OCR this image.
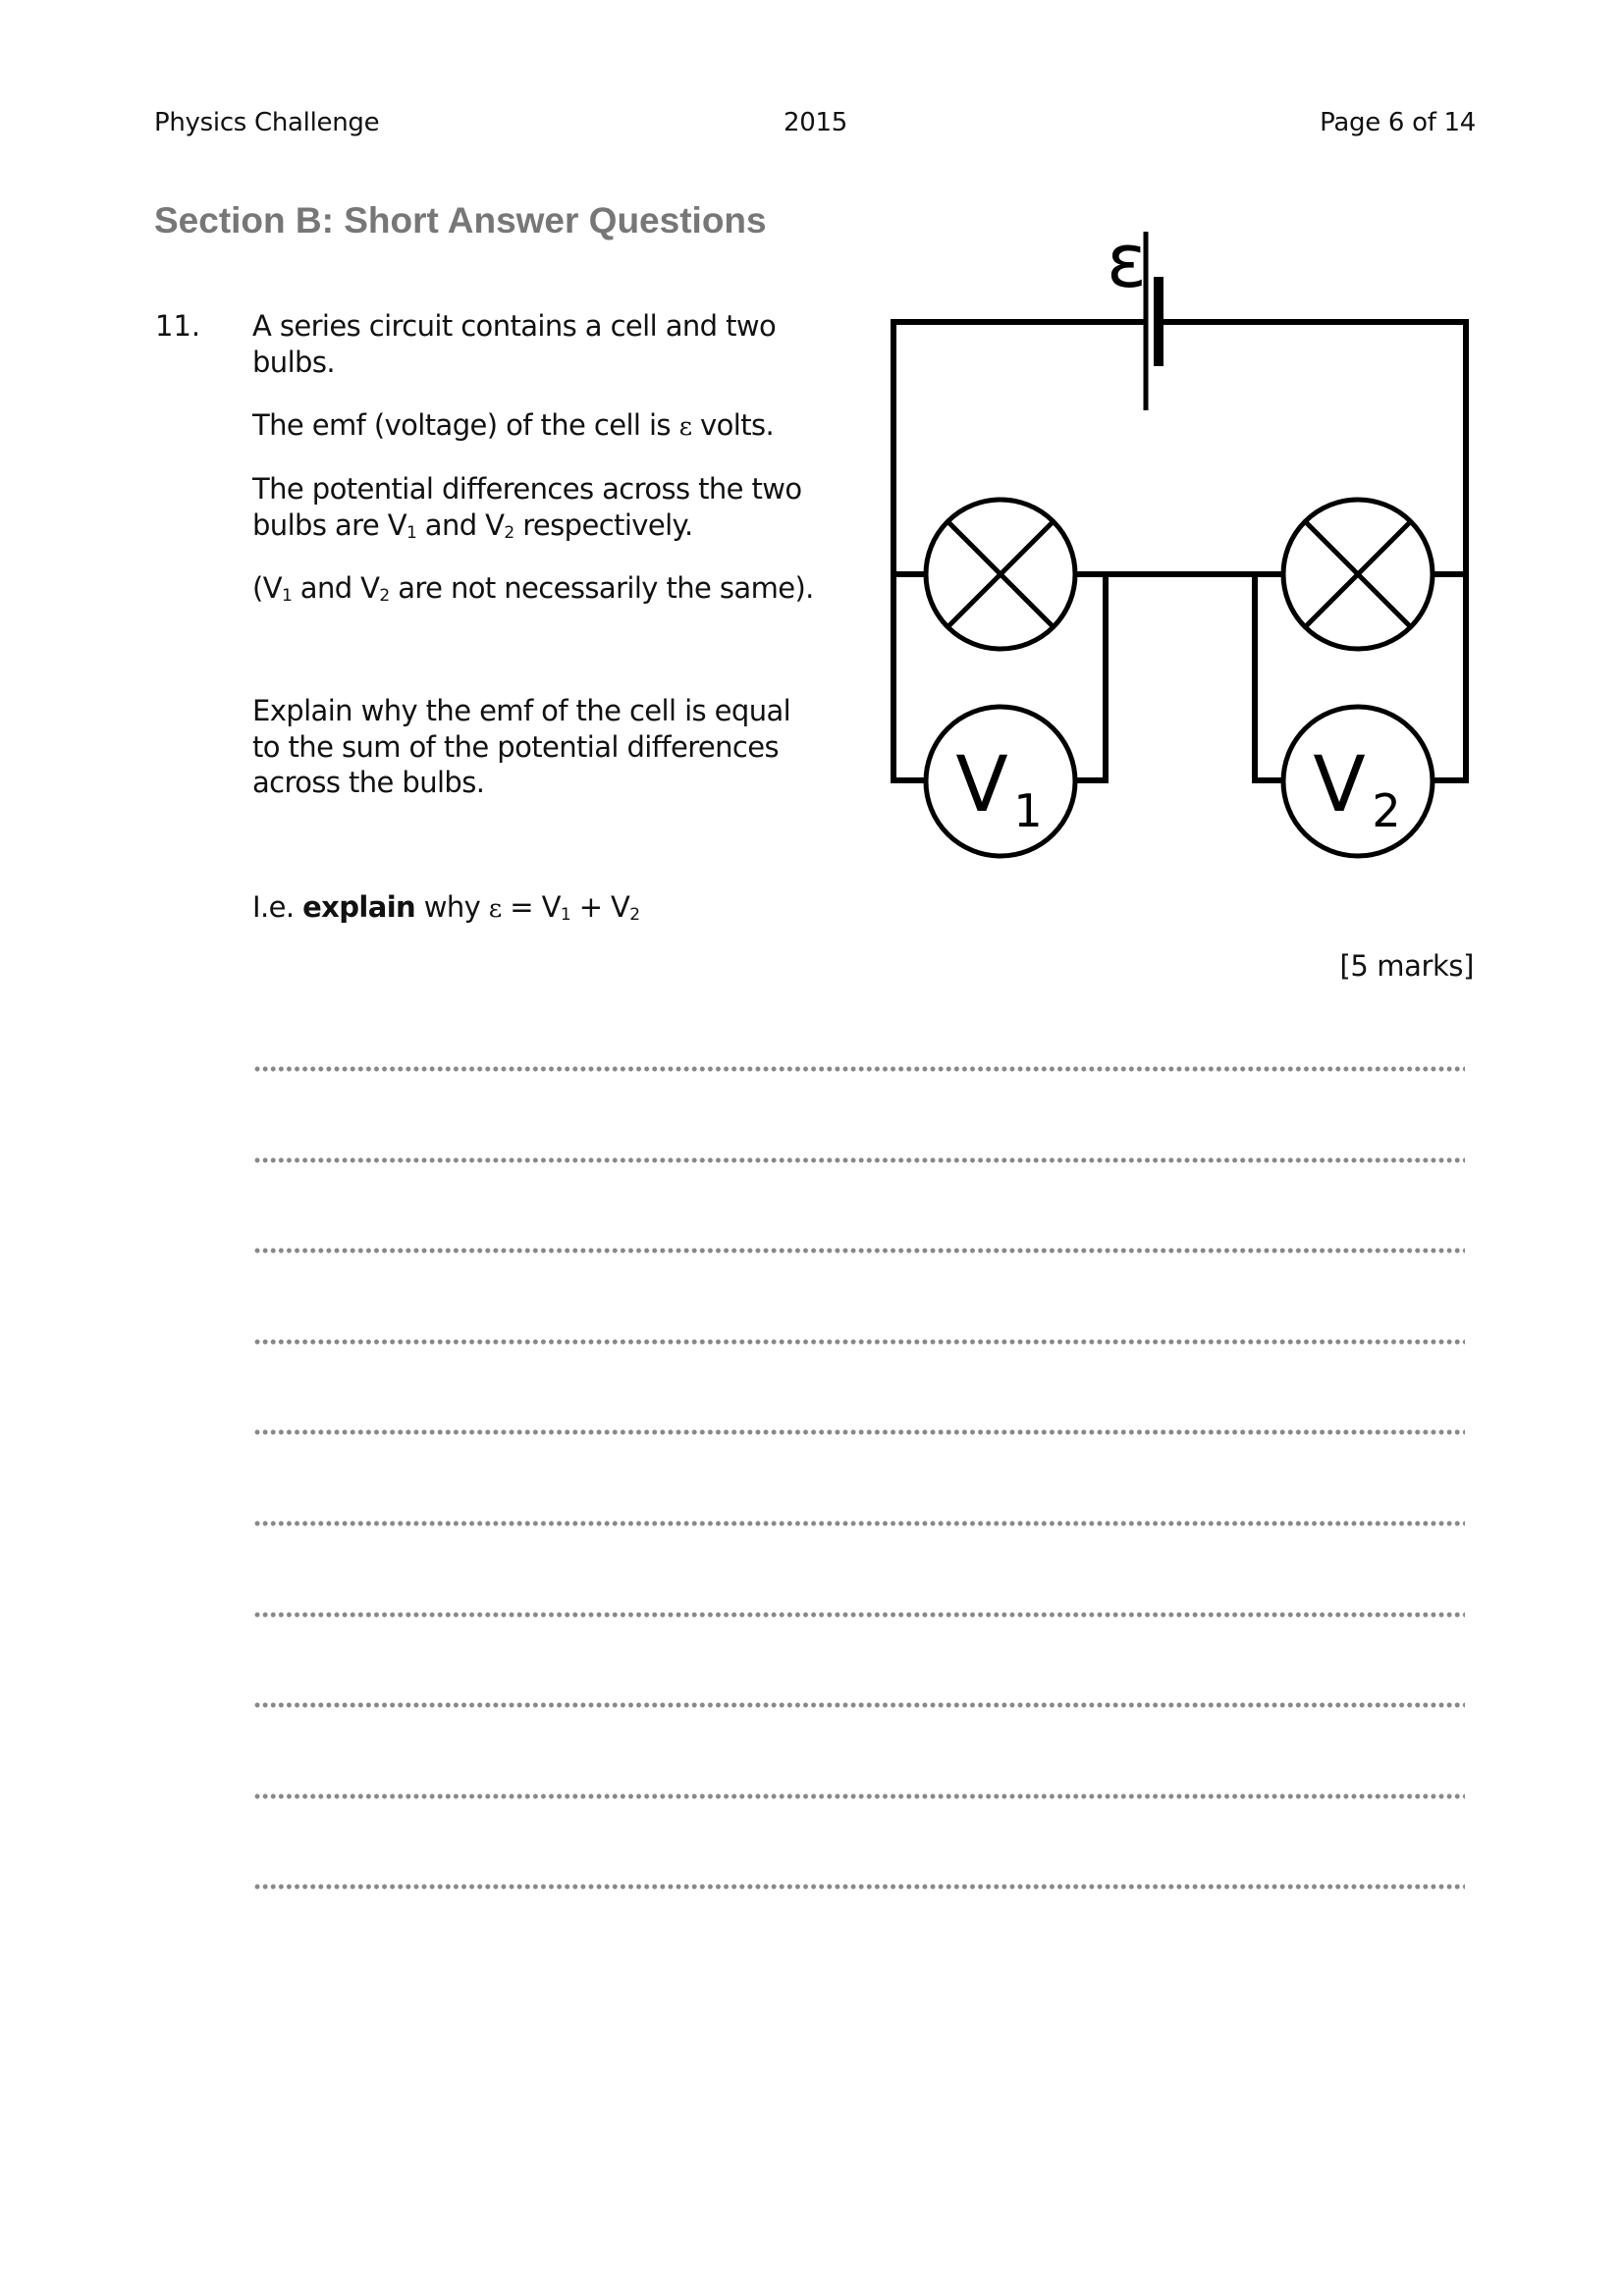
Physics Challenge	2015	Page 6 of 14
Section B: Short Answer Questions
11. A series circuit contains a cell and two
bulbs.
The emf (voltage) of the cell is ε volts.
The potential differences across the two
bulbs are $V_1$ and $V_2$ respectively.
($V_1$ and $V_2$ are not necessarily the same).
Explain why the emf of the cell is equal
to the sum of the potential differences
across the bulbs.
I.e. explain why $\varepsilon = V_1 + V_2$
[5 marks]
ε
V 1	V 2
